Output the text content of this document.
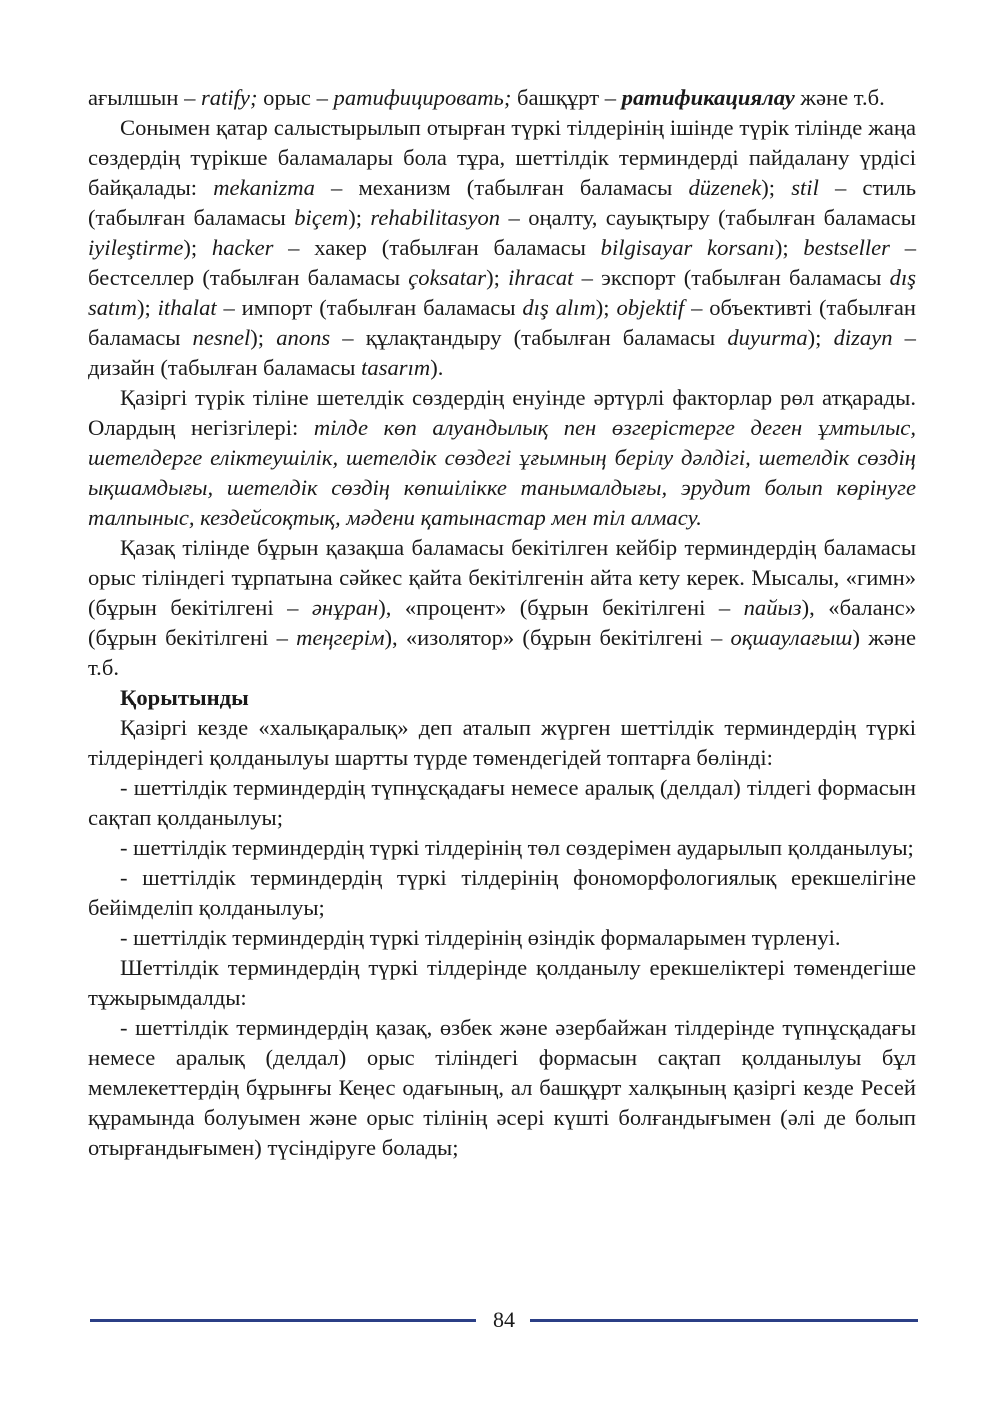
ағылшын – ratify; орыс – ратифицировать; башқұрт – ратификациялау және т.б.

Сонымен қатар салыстырылып отырған түркі тілдерінің ішінде түрік тілінде жаңа сөздердің түрікше баламалары бола тұра, шеттілдік терминдерді пайдалану үрдісі байқалады: mekanizma – механизм (табылған баламасы düzenek); stil – стиль (табылған баламасы biçem); rehabilitasyon – оңалту, сауықтыру (табылған баламасы iyileştirme); hacker – хакер (табылған баламасы bilgisayar korsanı); bestseller – бестселлер (табылған баламасы çoksatar); ihracat – экспорт (табылған баламасы dış satım); ithalat – импорт (табылған баламасы dış alım); objektif – объективті (табылған баламасы nesnel); anons – құлақтандыру (табылған баламасы duyurma); dizayn – дизайн (табылған баламасы tasarım).

Қазіргі түрік тіліне шетелдік сөздердің енуінде әртүрлі факторлар рөл атқарады. Олардың негізгілері: тілде көп алуандылық пен өзгерістерге деген ұмтылыс, шетелдерге еліктеушілік, шетелдік сөздегі ұғымның берілу дәлдігі, шетелдік сөздің ықшамдығы, шетелдік сөздің көпшілікке танымалдығы, эрудит болып көрінуге талпыныс, кездейсоқтық, мәдени қатынастар мен тіл алмасу.

Қазақ тілінде бұрын қазақша баламасы бекітілген кейбір терминдердің баламасы орыс тіліндегі тұрпатына сәйкес қайта бекітілгенін айта кету керек. Мысалы, «гимн» (бұрын бекітілгені – әнұран), «процент» (бұрын бекітілгені – пайыз), «баланс» (бұрын бекітілгені – теңгерім), «изолятор» (бұрын бекітілгені – оқшаулағыш) және т.б.

Қорытынды

Қазіргі кезде «халықаралық» деп аталып жүрген шеттілдік терминдердің түркі тілдеріндегі қолданылуы шартты түрде төмендегідей топтарға бөлінді:

- шеттілдік терминдердің түпнұсқадағы немесе аралық (делдал) тілдегі формасын сақтап қолданылуы;

- шеттілдік терминдердің түркі тілдерінің төл сөздерімен аударылып қолданылуы;

- шеттілдік терминдердің түркі тілдерінің фономорфологиялық ерекшелігіне бейімделіп қолданылуы;

- шеттілдік терминдердің түркі тілдерінің өзіндік формаларымен түрленуі.

Шеттілдік терминдердің түркі тілдерінде қолданылу ерекшеліктері төмендегіше тұжырымдалды:

- шеттілдік терминдердің қазақ, өзбек және әзербайжан тілдерінде түпнұсқадағы немесе аралық (делдал) орыс тіліндегі формасын сақтап қолданылуы бұл мемлекеттердің бұрынғы Кеңес одағының, ал башқұрт халқының қазіргі кезде Ресей құрамында болуымен және орыс тілінің әсері күшті болғандығымен (әлі де болып отырғандығымен) түсіндіруге болады;

84
